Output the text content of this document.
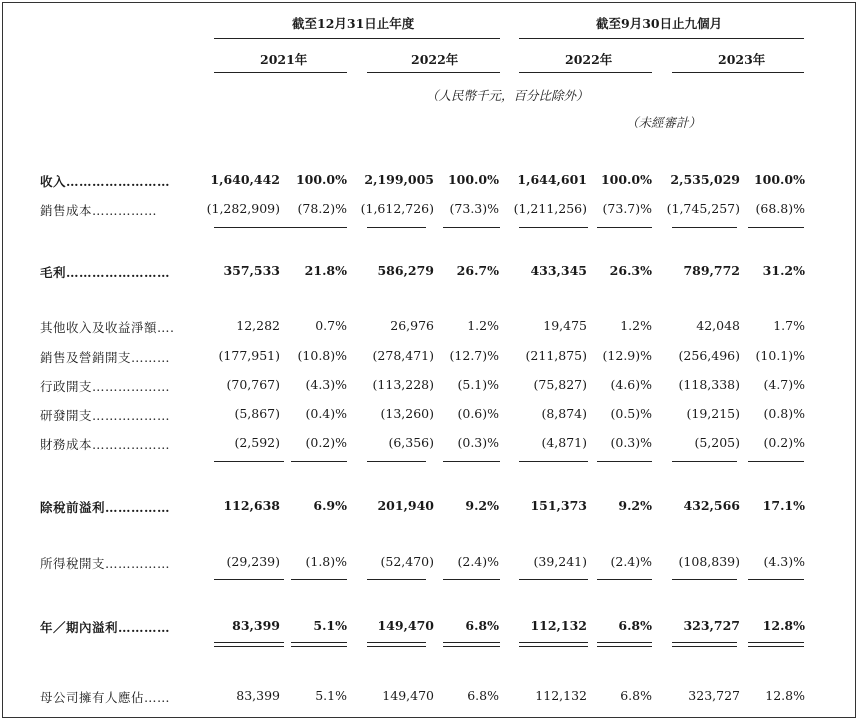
截至12月31日止年度	截至9月30日止九個月
2021年	2022年	2022年	2023年
（人民幣千元，百分比除外）
（未經審計）
收入……………………	1,640,442 100.0% 2,199,005 100.0% 1,644,601 100.0% 2,535,029 100.0%
銷售成本……………	(1,282,909) (78.2)% (1,612,726) (73.3)% (1,211,256) (73.7)% (1,745,257) (68.8)%
毛利……………………	357,533 21.8% 586,279 26.7%	433,345 26.3%	789,772 31.2%
其他收入及收益淨額….	12,282	0.7%	26,976	1.2%	19,475	1.2%	42,048	1.7%
銷售及營銷開支………	(177,951) (10.8)% (278,471) (12.7)% (211,875) (12.9)% (256,496) (10.1)%
行政開支………………	(70,767) (4.3)% (113,228) (5.1)%	(75,827) (4.6)% (118,338) (4.7)%
研發開支………………	(5,867) (0.4)%	(13,260) (0.6)%	(8,874) (0.5)%	(19,215) (0.8)%
財務成本………………	(2,592) (0.2)%	(6,356) (0.3)%	(4,871) (0.3)%	(5,205) (0.2)%
除稅前溢利……………	112,638	6.9% 201,940	9.2%	151,373	9.2%	432,566 17.1%
所得稅開支……………	(29,239) (1.8)%	(52,470) (2.4)%	(39,241) (2.4)% (108,839) (4.3)%
年／期內溢利…………	83,399	5.1% 149,470	6.8%	112,132	6.8%	323,727 12.8%
母公司擁有人應佔……	83,399	5.1%	149,470	6.8%	112,132	6.8%	323,727 12.8%
